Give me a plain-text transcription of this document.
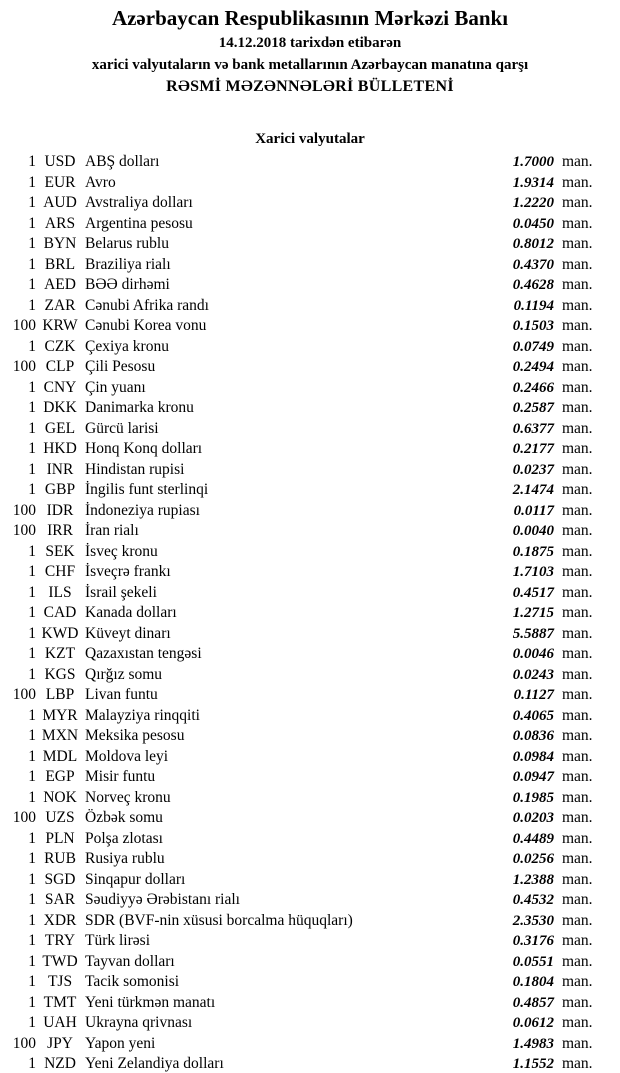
Azərbaycan Respublikasının Mərkəzi Bankı
14.12.2018 tarixdən etibarən
xarici valyutaların və bank metallarının Azərbaycan manatına qarşı
RƏSMİ MƏZƏNNƏLƏRİ BÜLLETENİ
Xarici valyutalar
1 USD ABŞ dolları	1.7000 man.
1 EUR Avro	1.9314 man.
1 AUD Avstraliya dolları	1.2220 man.
1 ARS Argentina pesosu	0.0450 man.
1 BYN Belarus rublu	0.8012 man.
1 BRL Braziliya rialı	0.4370 man.
1 AED BƏƏ dirhəmi	0.4628 man.
1 ZAR Cənubi Afrika randı	0.1194 man.
100 KRW Cənubi Korea vonu	0.1503 man.
1 CZK Çexiya kronu	0.0749 man.
100 CLP Çili Pesosu	0.2494 man.
1 CNY Çin yuanı	0.2466 man.
1 DKK Danimarka kronu	0.2587 man.
1 GEL Gürcü larisi	0.6377 man.
1 HKD Honq Konq dolları	0.2177 man.
1 INR Hindistan rupisi	0.0237 man.
1 GBP İngilis funt sterlinqi	2.1474 man.
100 IDR İndoneziya rupiası	0.0117 man.
100 IRR İran rialı	0.0040 man.
1 SEK İsveç kronu	0.1875 man.
1 CHF İsveçrə frankı	1.7103 man.
1 ILS İsrail şekeli	0.4517 man.
1 CAD Kanada dolları	1.2715 man.
1 KWD Küveyt dinarı	5.5887 man.
1 KZT Qazaxıstan tengəsi	0.0046 man.
1 KGS Qırğız somu	0.0243 man.
100 LBP Livan funtu	0.1127 man.
1 MYR Malayziya rinqqiti	0.4065 man.
1 MXN Meksika pesosu	0.0836 man.
1 MDL Moldova leyi	0.0984 man.
1 EGP Misir funtu	0.0947 man.
1 NOK Norveç kronu	0.1985 man.
100 UZS Özbək somu	0.0203 man.
1 PLN Polşa zlotası	0.4489 man.
1 RUB Rusiya rublu	0.0256 man.
1 SGD Sinqapur dolları	1.2388 man.
1 SAR Səudiyyə Ərəbistanı rialı	0.4532 man.
1 XDR SDR (BVF-nin xüsusi borcalma hüquqları)	2.3530 man.
1 TRY Türk lirəsi	0.3176 man.
1 TWD Tayvan dolları	0.0551 man.
1 TJS Tacik somonisi	0.1804 man.
1 TMT Yeni türkmən manatı	0.4857 man.
1 UAH Ukrayna qrivnası	0.0612 man.
100 JPY Yapon yeni	1.4983 man.
1 NZD Yeni Zelandiya dolları	1.1552 man.
